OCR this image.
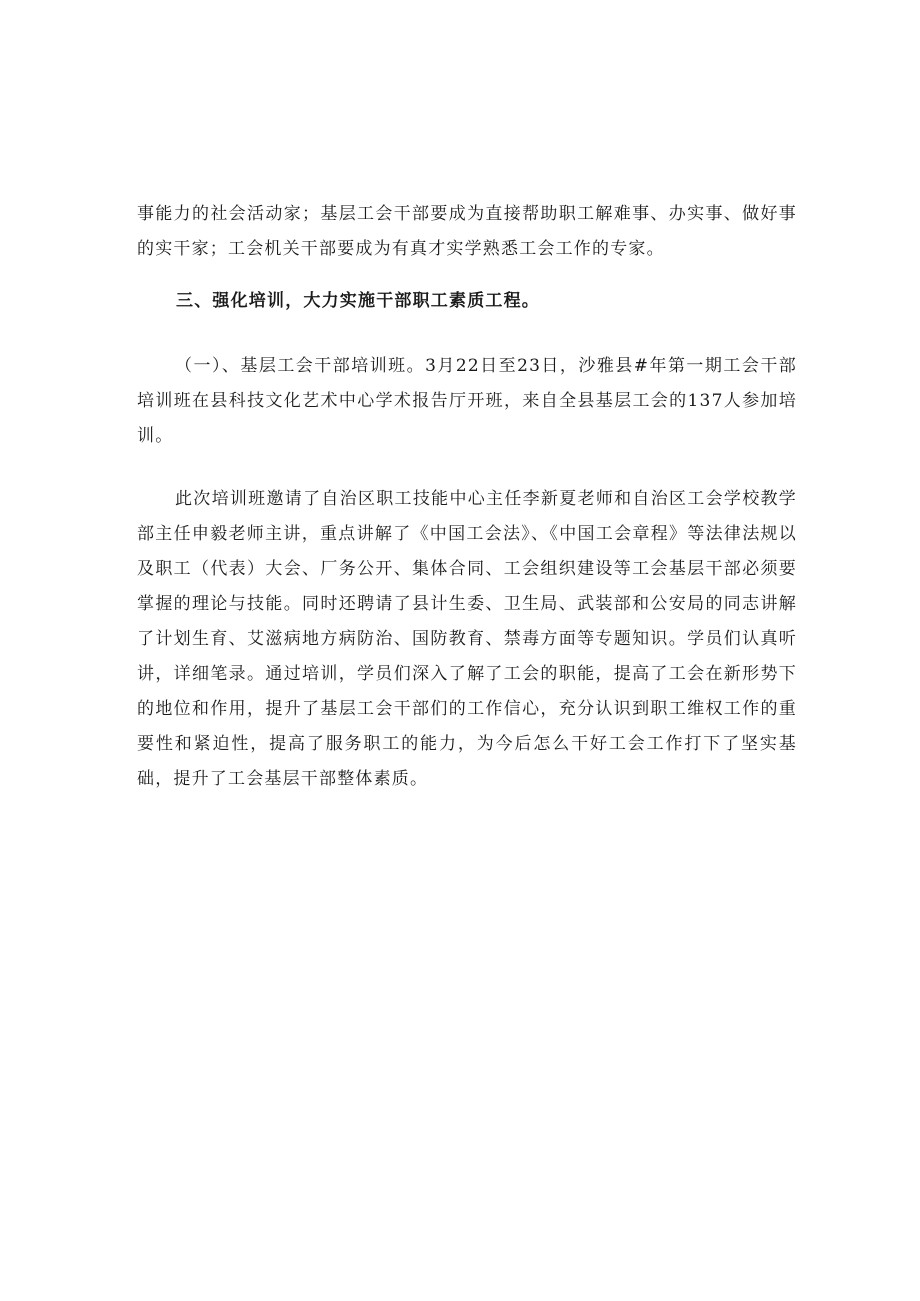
事能力的社会活动家；基层工会干部要成为直接帮助职工解难事、办实事、做好事的实干家；工会机关干部要成为有真才实学熟悉工会工作的专家。

三、强化培训，大力实施干部职工素质工程。

（一）、基层工会干部培训班。3月22日至23日，沙雅县#年第一期工会干部培训班在县科技文化艺术中心学术报告厅开班，来自全县基层工会的137人参加培训。

此次培训班邀请了自治区职工技能中心主任李新夏老师和自治区工会学校教学部主任申毅老师主讲，重点讲解了《中国工会法》、《中国工会章程》等法律法规以及职工（代表）大会、厂务公开、集体合同、工会组织建设等工会基层干部必须要掌握的理论与技能。同时还聘请了县计生委、卫生局、武装部和公安局的同志讲解了计划生育、艾滋病地方病防治、国防教育、禁毒方面等专题知识。学员们认真听讲，详细笔录。通过培训，学员们深入了解了工会的职能，提高了工会在新形势下的地位和作用，提升了基层工会干部们的工作信心，充分认识到职工维权工作的重要性和紧迫性，提高了服务职工的能力，为今后怎么干好工会工作打下了坚实基础，提升了工会基层干部整体素质。
